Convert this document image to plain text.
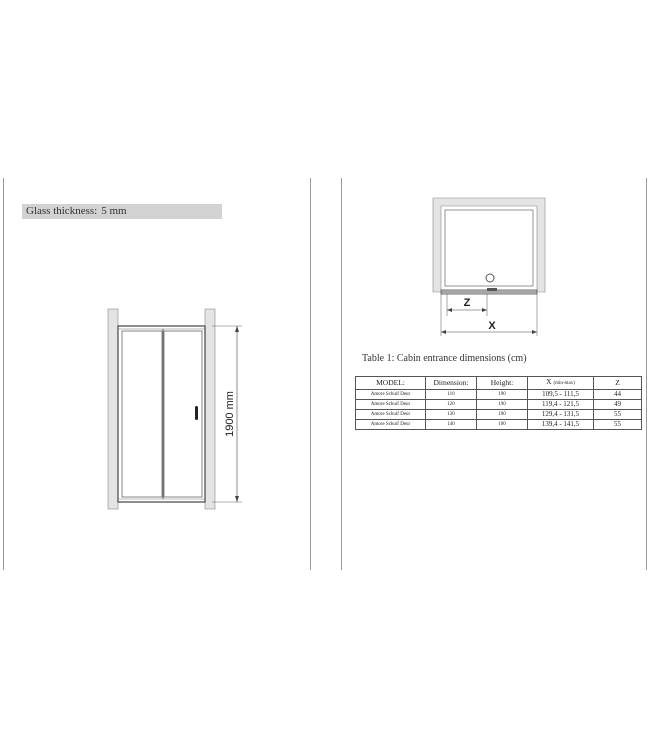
Glass thickness: 5 mm
1900 mm
Z
X
Table 1: Cabin entrance dimensions (cm)
MODEL:	Dimension:	Height:	X (min-max)	Z
Amore Schuif Deur	110	190	109,5 - 111,5	44
Amore Schuif Deur	120	190	119,4 - 121,5	49
Amore Schuif Deur	130	190	129,4 - 131,5	55
Amore Schuif Deur	140	190	139,4 - 141,5	55
